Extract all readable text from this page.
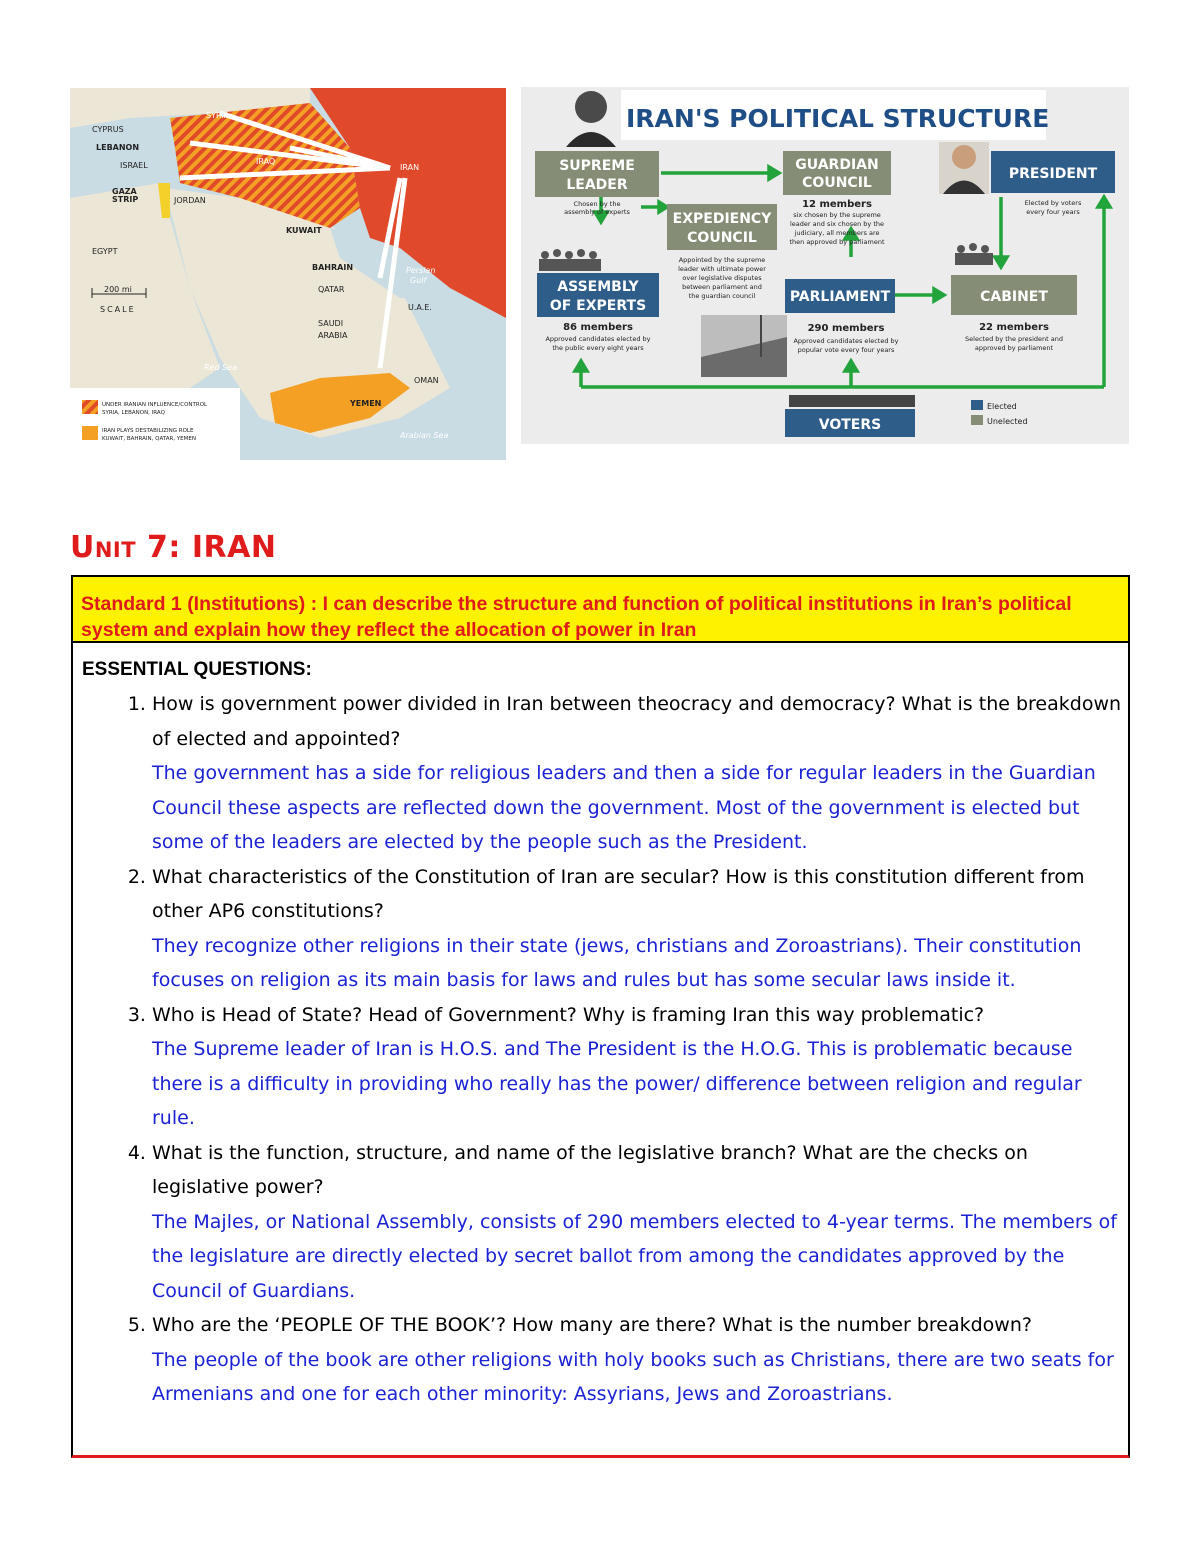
CYPRUS
LEBANON
ISRAEL
GAZA
STRIP
SYRIA
IRAQ
IRAN
JORDAN
EGYPT
KUWAIT
BAHRAIN
QATAR
U.A.E.
SAUDI
ARABIA
OMAN
YEMEN
Red Sea
Persian
Gulf
Arabian Sea
200 mi
SCALE
UNDER IRANIAN INFLUENCE/CONTROL
SYRIA, LEBANON, IRAQ
IRAN PLAYS DESTABILIZING ROLE
KUWAIT, BAHRAIN, QATAR, YEMEN
IRAN'S POLITICAL STRUCTURE
SUPREME
LEADER
Chosen by the
assembly of experts
GUARDIAN
COUNCIL
12 members
six chosen by the supreme
leader and six chosen by the
judiciary, all members are
then approved by parliament
PRESIDENT
Elected by voters
every four years
EXPEDIENCY
COUNCIL
Appointed by the supreme
leader with ultimate power
over legislative disputes
between parliament and
the guardian council
ASSEMBLY
OF EXPERTS
86 members
Approved candidates elected by
the public every eight years
PARLIAMENT
290 members
Approved candidates elected by
popular vote every four years
CABINET
22 members
Selected by the president and
approved by parliament
VOTERS
Elected
Unelected
Unit 7: IRAN
Standard 1 (Institutions) : I can describe the structure and function of political institutions in Iran’s political system and explain how they reflect the allocation of power in Iran
ESSENTIAL QUESTIONS:
1. How is government power divided in Iran between theocracy and democracy? What is the breakdown of elected and appointed?
The government has a side for religious leaders and then a side for regular leaders in the Guardian Council these aspects are reflected down the government. Most of the government is elected but some of the leaders are elected by the people such as the President.
2. What characteristics of the Constitution of Iran are secular? How is this constitution different from other AP6 constitutions?
They recognize other religions in their state (jews, christians and Zoroastrians). Their constitution focuses on religion as its main basis for laws and rules but has some secular laws inside it.
3. Who is Head of State? Head of Government? Why is framing Iran this way problematic?
The Supreme leader of Iran is H.O.S. and The President is the H.O.G. This is problematic because there is a difficulty in providing who really has the power/ difference between religion and regular rule.
4. What is the function, structure, and name of the legislative branch? What are the checks on legislative power?
The Majles, or National Assembly, consists of 290 members elected to 4-year terms. The members of the legislature are directly elected by secret ballot from among the candidates approved by the Council of Guardians.
5. Who are the ‘PEOPLE OF THE BOOK’? How many are there? What is the number breakdown?
The people of the book are other religions with holy books such as Christians, there are two seats for Armenians and one for each other minority: Assyrians, Jews and Zoroastrians.
